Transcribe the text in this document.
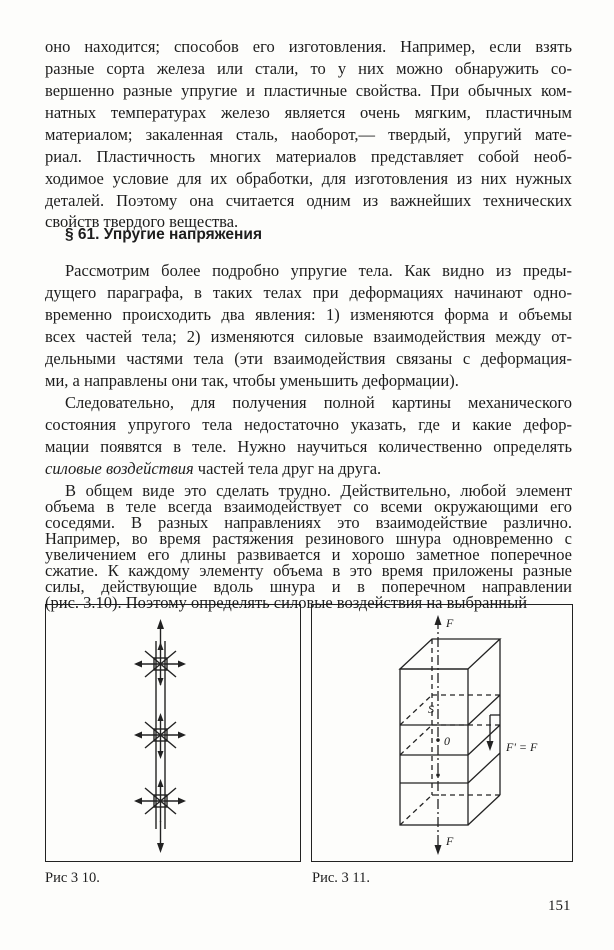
оно находится; способов его изготовления. Например, если взять
разные сорта железа или стали, то у них можно обнаружить со-
вершенно разные упругие и пластичные свойства. При обычных ком-
натных температурах железо является очень мягким, пластичным
материалом; закаленная сталь, наоборот,— твердый, упругий мате-
риал. Пластичность многих материалов представляет собой необ-
ходимое условие для их обработки, для изготовления из них нужных
деталей. Поэтому она считается одним из важнейших технических
свойств твердого вещества.
§ 61. Упругие напряжения
Рассмотрим более подробно упругие тела. Как видно из преды-
дущего параграфа, в таких телах при деформациях начинают одно-
временно происходить два явления: 1) изменяются форма и объемы
всех частей тела; 2) изменяются силовые взаимодействия между от-
дельными частями тела (эти взаимодействия связаны с деформация-
ми, а направлены они так, чтобы уменьшить деформации).
Следовательно, для получения полной картины механического
состояния упругого тела недостаточно указать, где и какие дефор-
мации появятся в теле. Нужно научиться количественно определять
силовые воздействия частей тела друг на друга.
В общем виде это сделать трудно. Действительно, любой элемент
объема в теле всегда взаимодействует со всеми окружающими его
соседями. В разных направлениях это взаимодействие различно.
Например, во время растяжения резинового шнура одновременно с
увеличением его длины развивается и хорошо заметное поперечное
F
F
S
0	F' = F
Рис 3 10.	Рис. 3 11.
151
сжатие. К каждому элементу объема в это время приложены разные
силы, действующие вдоль шнура и в поперечном направлении
(рис. 3.10). Поэтому определять силовые воздействия на выбранный
